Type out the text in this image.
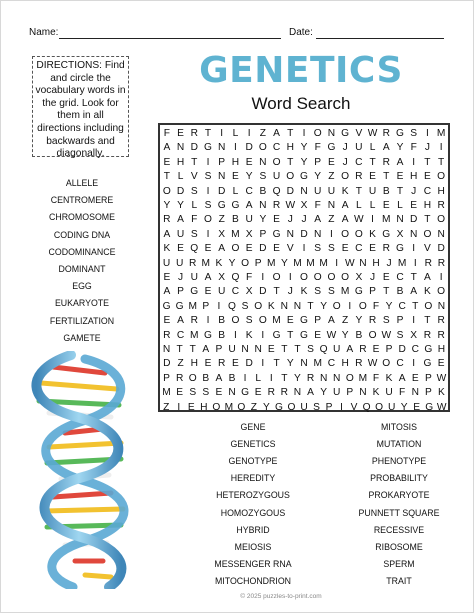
Name:	Date:
DIRECTIONS: Find and circle the vocabulary words in the grid. Look for them in all directions including backwards and diagonally.
GENETICS
Word Search
F E R T I L I Z A T I O N G V W R G S I M
A N D G N I D O C H Y F G J U L A Y F J I
E H T I P H E N O T Y P E J C T R A I T T
T L V S N E Y S U O G Y Z O R E T E H E O
O D S I D L C B Q D N U U K T U B T J C H
Y Y L S G G A N R W X F N A L L E L E H R
R A F O Z B U Y E J J A Z A W I M N D T O
A U S I X M X P G N D N I O O K G X N O N
K E Q E A O E D E V I S S E C E R G I V D
U U R M K Y O P M Y M M M I W N H J M I R R
E J U A X Q F I O I O O O O X J E C T A I
A P G E U C X D T J K S S M G P T B A K O
G G M P I Q S O K N N T Y O I O F Y C T O N
E A R I B O S O M E G P A Z Y R S P I T R
R C M G B I K I G T G E W Y B O W S X R R
N T T A P U N N E T T S Q U A R E P D C G H
D Z H E R E D I T Y N M C H R W O C I G E
P R O B A B I L I T Y R N N O M F K A E P W
M E S S E N G E R R N A Y U P N K U F N P K
Z I E H O M O Z Y G O U S P I V Q O U Y E G W
ALLELE
CENTROMERE
CHROMOSOME
CODING DNA
CODOMINANCE
DOMINANT
EGG
EUKARYOTE
FERTILIZATION
GAMETE
GENE
GENETICS
GENOTYPE
HEREDITY
HETEROZYGOUS
HOMOZYGOUS
HYBRID
MEIOSIS
MESSENGER RNA
MITOCHONDRION
MITOSIS
MUTATION
PHENOTYPE
PROBABILITY
PROKARYOTE
PUNNETT SQUARE
RECESSIVE
RIBOSOME
SPERM
TRAIT
© 2025 puzzles-to-print.com
